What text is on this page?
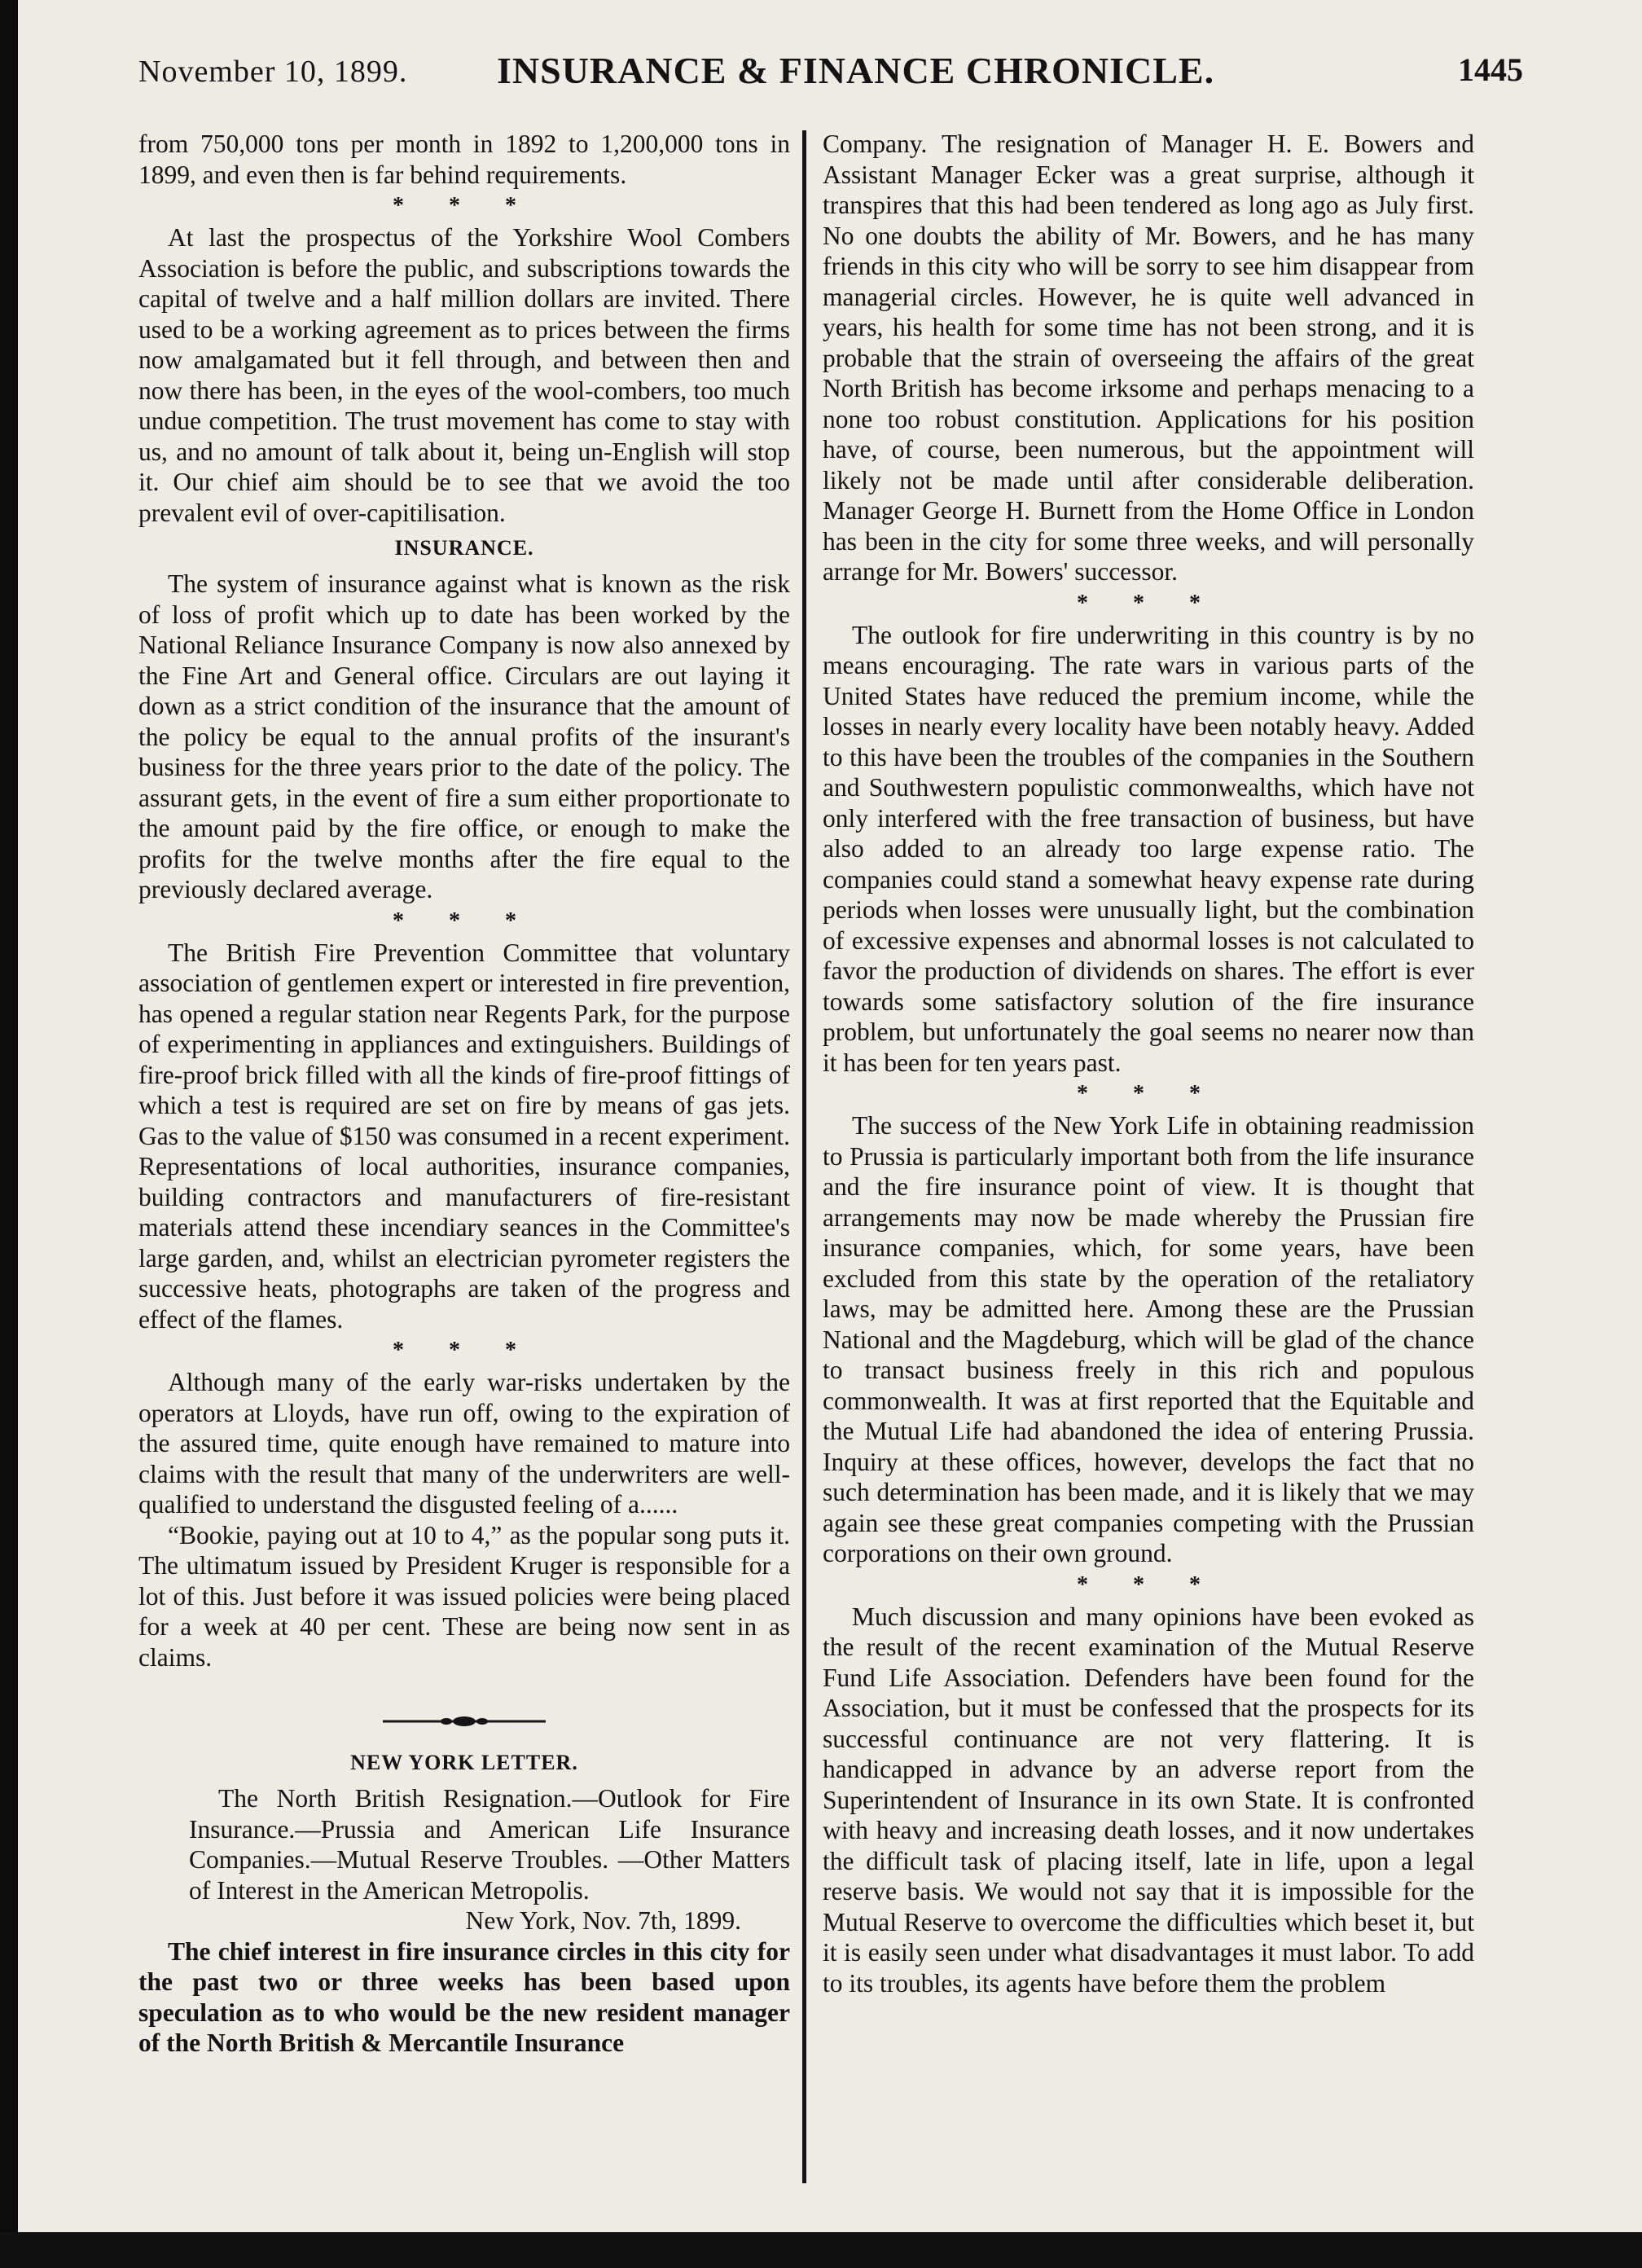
November 10, 1899. INSURANCE & FINANCE CHRONICLE.	1445

from 750,000 tons per month in 1892 to 1,200,000 tons in 1899, and even then is far behind requirements.

* * *

At last the prospectus of the Yorkshire Wool Combers Association is before the public, and subscriptions towards the capital of twelve and a half million dollars are invited. There used to be a working agreement as to prices between the firms now amalgamated but it fell through, and between then and now there has been, in the eyes of the wool-combers, too much undue competition. The trust movement has come to stay with us, and no amount of talk about it, being un-English will stop it. Our chief aim should be to see that we avoid the too prevalent evil of over-capitilisation.

INSURANCE.

The system of insurance against what is known as the risk of loss of profit which up to date has been worked by the National Reliance Insurance Company is now also annexed by the Fine Art and General office. Circulars are out laying it down as a strict condition of the insurance that the amount of the policy be equal to the annual profits of the insurant's business for the three years prior to the date of the policy. The assurant gets, in the event of fire a sum either proportionate to the amount paid by the fire office, or enough to make the profits for the twelve months after the fire equal to the previously declared average.

* * *

The British Fire Prevention Committee that voluntary association of gentlemen expert or interested in fire prevention, has opened a regular station near Regents Park, for the purpose of experimenting in appliances and extinguishers. Buildings of fire-proof brick filled with all the kinds of fire-proof fittings of which a test is required are set on fire by means of gas jets. Gas to the value of $150 was consumed in a recent experiment. Representations of local authorities, insurance companies, building contractors and manufacturers of fire-resistant materials attend these incendiary seances in the Committee's large garden, and, whilst an electrician pyrometer registers the successive heats, photographs are taken of the progress and effect of the flames.

* * *

Although many of the early war-risks undertaken by the operators at Lloyds, have run off, owing to the expiration of the assured time, quite enough have remained to mature into claims with the result that many of the underwriters are well-qualified to understand the disgusted feeling of a......

“Bookie, paying out at 10 to 4,” as the popular song puts it. The ultimatum issued by President Kruger is responsible for a lot of this. Just before it was issued policies were being placed for a week at 40 per cent. These are being now sent in as claims.

NEW YORK LETTER.

The North British Resignation.—Outlook for Fire Insurance.—Prussia and American Life Insurance Companies.—Mutual Reserve Troubles. —Other Matters of Interest in the American Metropolis.

New York, Nov. 7th, 1899.

The chief interest in fire insurance circles in this city for the past two or three weeks has been based upon speculation as to who would be the new resident manager of the North British & Mercantile Insurance

Company. The resignation of Manager H. E. Bowers and Assistant Manager Ecker was a great surprise, although it transpires that this had been tendered as long ago as July first. No one doubts the ability of Mr. Bowers, and he has many friends in this city who will be sorry to see him disappear from managerial circles. However, he is quite well advanced in years, his health for some time has not been strong, and it is probable that the strain of overseeing the affairs of the great North British has become irksome and perhaps menacing to a none too robust constitution. Applications for his position have, of course, been numerous, but the appointment will likely not be made until after considerable deliberation. Manager George H. Burnett from the Home Office in London has been in the city for some three weeks, and will personally arrange for Mr. Bowers' successor.

* * *

The outlook for fire underwriting in this country is by no means encouraging. The rate wars in various parts of the United States have reduced the premium income, while the losses in nearly every locality have been notably heavy. Added to this have been the troubles of the companies in the Southern and Southwestern populistic commonwealths, which have not only interfered with the free transaction of business, but have also added to an already too large expense ratio. The companies could stand a somewhat heavy expense rate during periods when losses were unusually light, but the combination of excessive expenses and abnormal losses is not calculated to favor the production of dividends on shares. The effort is ever towards some satisfactory solution of the fire insurance problem, but unfortunately the goal seems no nearer now than it has been for ten years past.

* * *

The success of the New York Life in obtaining readmission to Prussia is particularly important both from the life insurance and the fire insurance point of view. It is thought that arrangements may now be made whereby the Prussian fire insurance companies, which, for some years, have been excluded from this state by the operation of the retaliatory laws, may be admitted here. Among these are the Prussian National and the Magdeburg, which will be glad of the chance to transact business freely in this rich and populous commonwealth. It was at first reported that the Equitable and the Mutual Life had abandoned the idea of entering Prussia. Inquiry at these offices, however, develops the fact that no such determination has been made, and it is likely that we may again see these great companies competing with the Prussian corporations on their own ground.

* * *

Much discussion and many opinions have been evoked as the result of the recent examination of the Mutual Reserve Fund Life Association. Defenders have been found for the Association, but it must be confessed that the prospects for its successful continuance are not very flattering. It is handicapped in advance by an adverse report from the Superintendent of Insurance in its own State. It is confronted with heavy and increasing death losses, and it now undertakes the difficult task of placing itself, late in life, upon a legal reserve basis. We would not say that it is impossible for the Mutual Reserve to overcome the difficulties which beset it, but it is easily seen under what disadvantages it must labor. To add to its troubles, its agents have before them the problem
